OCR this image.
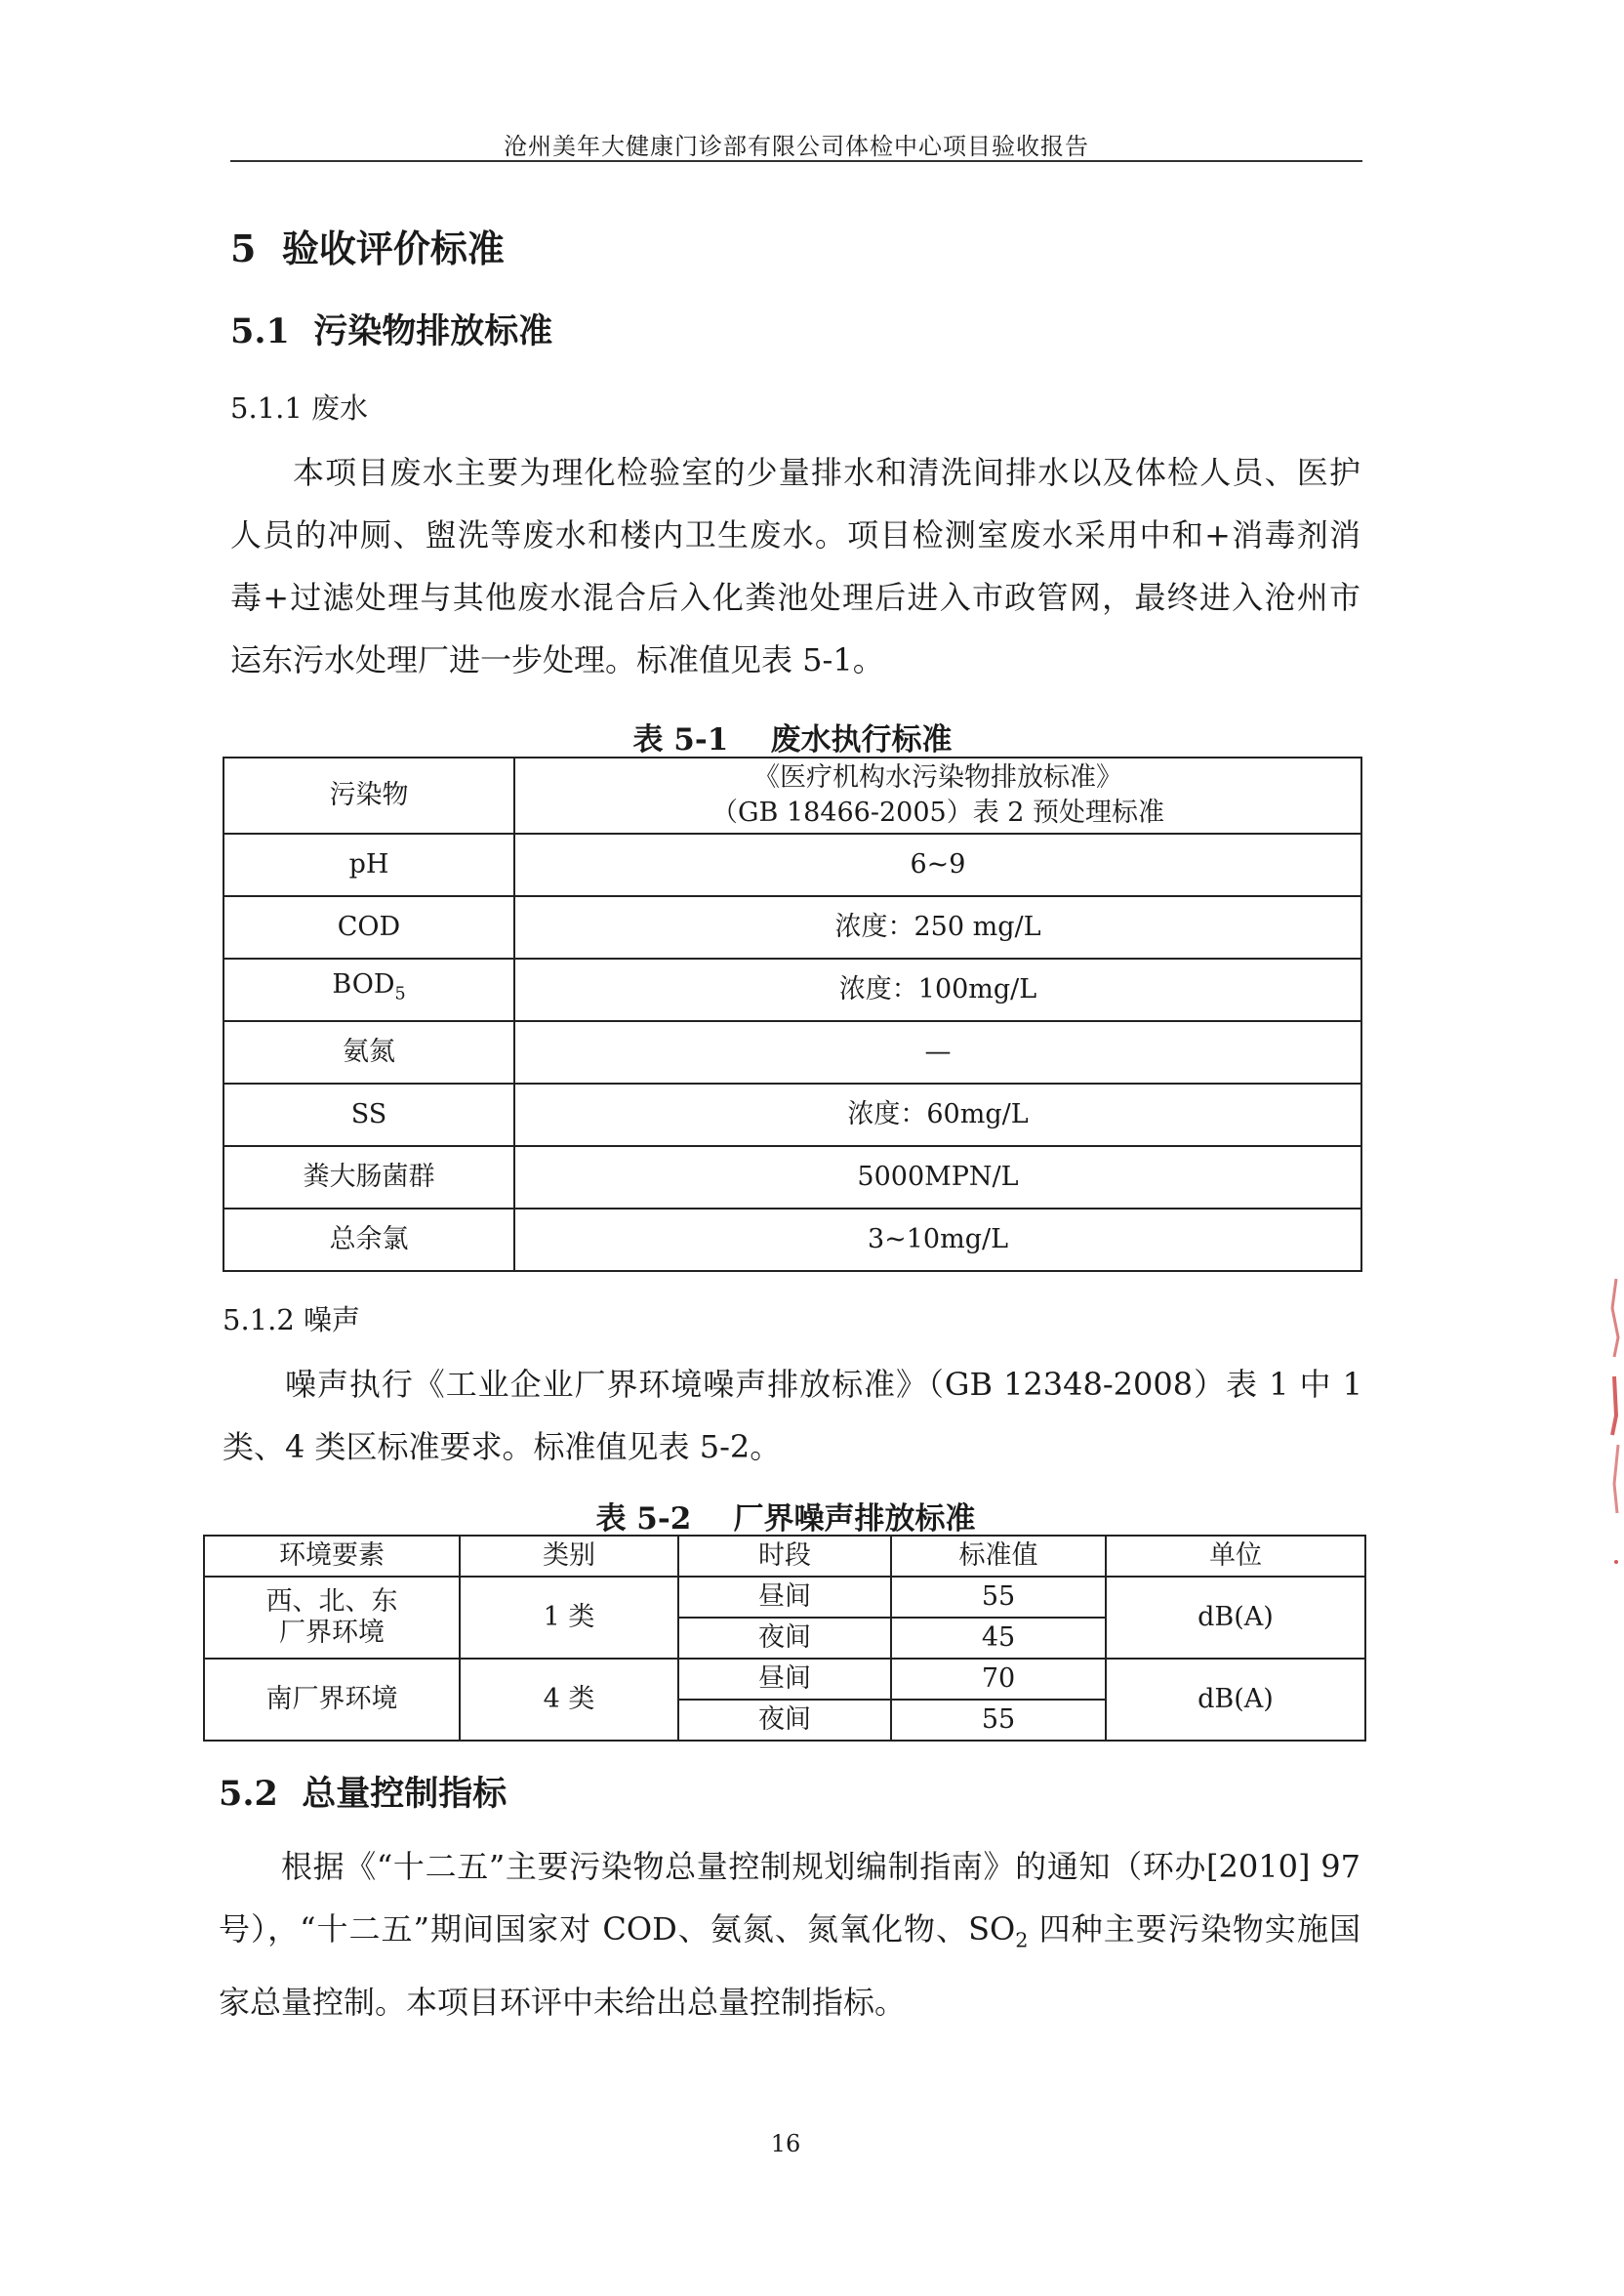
沧州美年大健康门诊部有限公司体检中心项目验收报告
5  验收评价标准
5.1  污染物排放标准
5.1.1 废水
本项目废水主要为理化检验室的少量排水和清洗间排水以及体检人员、医护
人员的冲厕、盥洗等废水和楼内卫生废水。项目检测室废水采用中和+消毒剂消
毒+过滤处理与其他废水混合后入化粪池处理后进入市政管网，最终进入沧州市
运东污水处理厂进一步处理。标准值见表 5-1。
表 5-1    废水执行标准
污染物	《医疗机构水污染物排放标准》
（GB 18466-2005）表 2 预处理标准

pH	6~9
COD	浓度：250 mg/L
$BOD_5$	浓度：100mg/L
氨氮	—
SS	浓度：60mg/L
粪大肠菌群	5000MPN/L
总余氯	3~10mg/L
5.1.2 噪声
噪声执行《工业企业厂界环境噪声排放标准》（GB 12348-2008）表 1 中 1
类、4 类区标准要求。标准值见表 5-2。
表 5-2    厂界噪声排放标准
环境要素	类别	时段	标准值	单位

西、北、东
厂界环境	1 类	昼间	55	dB(A)
		夜间	45	
南厂界环境	4 类	昼间	70	dB(A)
		夜间	55	
5.2  总量控制指标
根据《“十二五”主要污染物总量控制规划编制指南》的通知（环办[2010] 97
号），“十二五”期间国家对 COD、氨氮、氮氧化物、$SO_2$ 四种主要污染物实施国
家总量控制。本项目环评中未给出总量控制指标。
16
